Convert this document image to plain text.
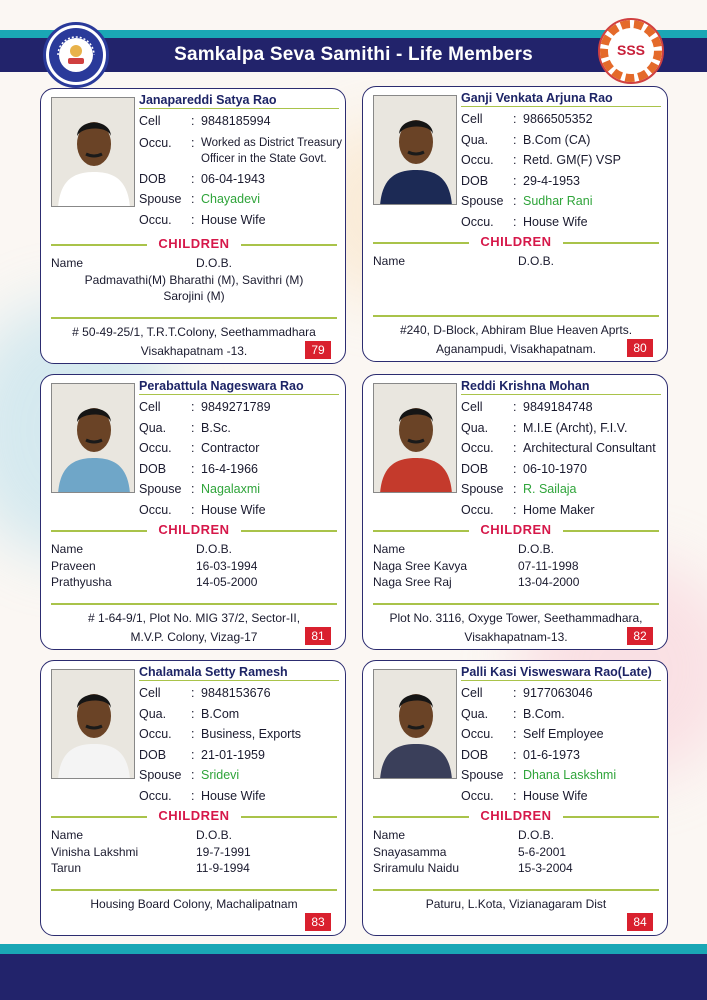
Samkalpa Seva Samithi - Life Members	SSS
Janapareddi Satya Rao
Cell	: 9848185994
Occu.	: Worked as District Treasury Officer in the State Govt.
DOB	: 06-04-1943
Spouse : Chayadevi
Occu.	: House Wife
CHILDREN
Name	D.O.B.
Padmavathi(M) Bharathi (M), Savithri (M) Sarojini (M)
# 50-49-25/1, T.R.T.Colony, Seethammadhara
Visakhapatnam -13.	79
Ganji Venkata Arjuna Rao
Cell	: 9866505352
Qua.	: B.Com (CA)
Occu.	: Retd. GM(F) VSP
DOB	: 29-4-1953
Spouse : Sudhar Rani
Occu.	: House Wife
CHILDREN
Name	D.O.B.
#240, D-Block, Abhiram Blue Heaven Aprts.
Aganampudi, Visakhapatnam.	80
Perabattula Nageswara Rao
Cell	: 9849271789
Qua.	: B.Sc.
Occu.	: Contractor
DOB	: 16-4-1966
Spouse : Nagalaxmi
Occu.	: House Wife
CHILDREN
Name	D.O.B.
Praveen	16-03-1994
Prathyusha	14-05-2000
# 1-64-9/1, Plot No. MIG 37/2, Sector-II,
M.V.P. Colony, Vizag-17	81
Reddi Krishna Mohan
Cell	: 9849184748
Qua.	: M.I.E (Archt), F.I.V.
Occu.	: Architectural Consultant
DOB	: 06-10-1970
Spouse : R. Sailaja
Occu.	: Home Maker
CHILDREN
Name	D.O.B.
Naga Sree Kavya	07-11-1998
Naga Sree Raj	13-04-2000
Plot No. 3116, Oxyge Tower, Seethammadhara,
Visakhapatnam-13.	82
Chalamala Setty Ramesh
Cell	: 9848153676
Qua.	: B.Com
Occu.	: Business, Exports
DOB	: 21-01-1959
Spouse : Sridevi
Occu.	: House Wife
CHILDREN
Name	D.O.B.
Vinisha Lakshmi	19-7-1991
Tarun	11-9-1994
Housing Board Colony, Machalipatnam
83
Palli Kasi Visweswara Rao(Late)
Cell	: 9177063046
Qua.	: B.Com.
Occu.	: Self Employee
DOB	: 01-6-1973
Spouse : Dhana Laskshmi
Occu.	: House Wife
CHILDREN
Name	D.O.B.
Snayasamma	5-6-2001
Sriramulu Naidu	15-3-2004
Paturu, L.Kota, Vizianagaram Dist
84
